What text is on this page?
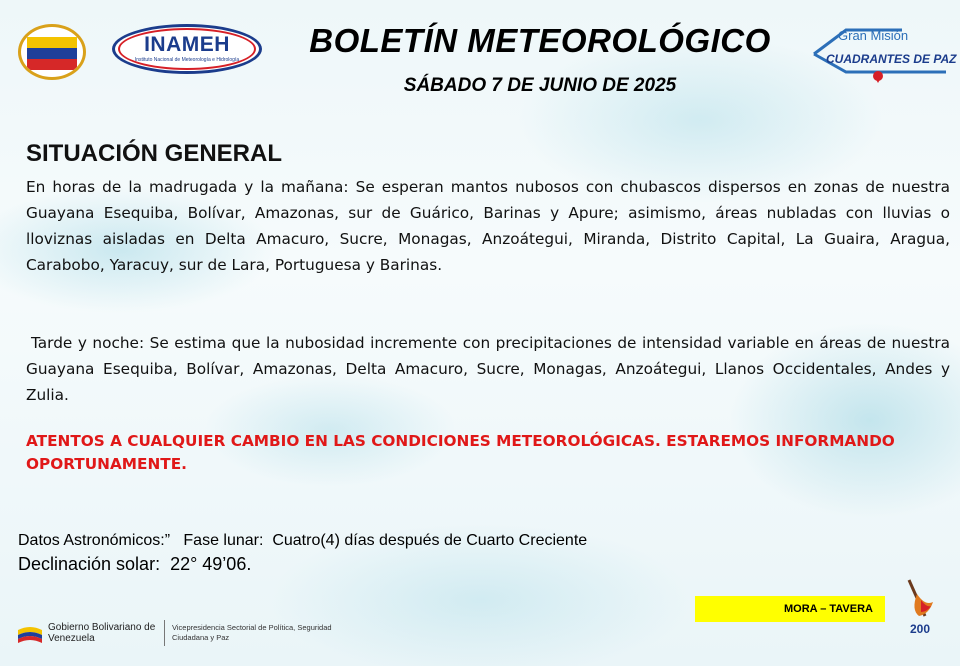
INAMEH
Instituto Nacional de Meteorología e Hidrología
BOLETÍN METEOROLÓGICO
SÁBADO 7 DE JUNIO DE 2025
Gran Misión
CUADRANTES DE PAZ
SITUACIÓN GENERAL
En horas de la madrugada y la mañana: Se esperan mantos nubosos con chubascos dispersos en zonas de nuestra Guayana Esequiba, Bolívar, Amazonas, sur de Guárico, Barinas y Apure; asimismo, áreas nubladas con lluvias o lloviznas aisladas en Delta Amacuro, Sucre, Monagas, Anzoátegui, Miranda, Distrito Capital, La Guaira, Aragua, Carabobo, Yaracuy, sur de Lara, Portuguesa y Barinas.
Tarde y noche: Se estima que la nubosidad incremente con precipitaciones de intensidad variable en áreas de nuestra Guayana Esequiba, Bolívar, Amazonas, Delta Amacuro, Sucre, Monagas, Anzoátegui, Llanos Occidentales, Andes y Zulia.
ATENTOS A CUALQUIER CAMBIO EN LAS CONDICIONES METEOROLÓGICAS. ESTAREMOS INFORMANDO OPORTUNAMENTE.
Datos Astronómicos:”   Fase lunar:  Cuatro(4) días después de Cuarto Creciente
Declinación solar:  22° 49’06.
Gobierno Bolivariano de Venezuela
Vicepresidencia Sectorial de Política, Seguridad Ciudadana y Paz
MORA – TAVERA
200
